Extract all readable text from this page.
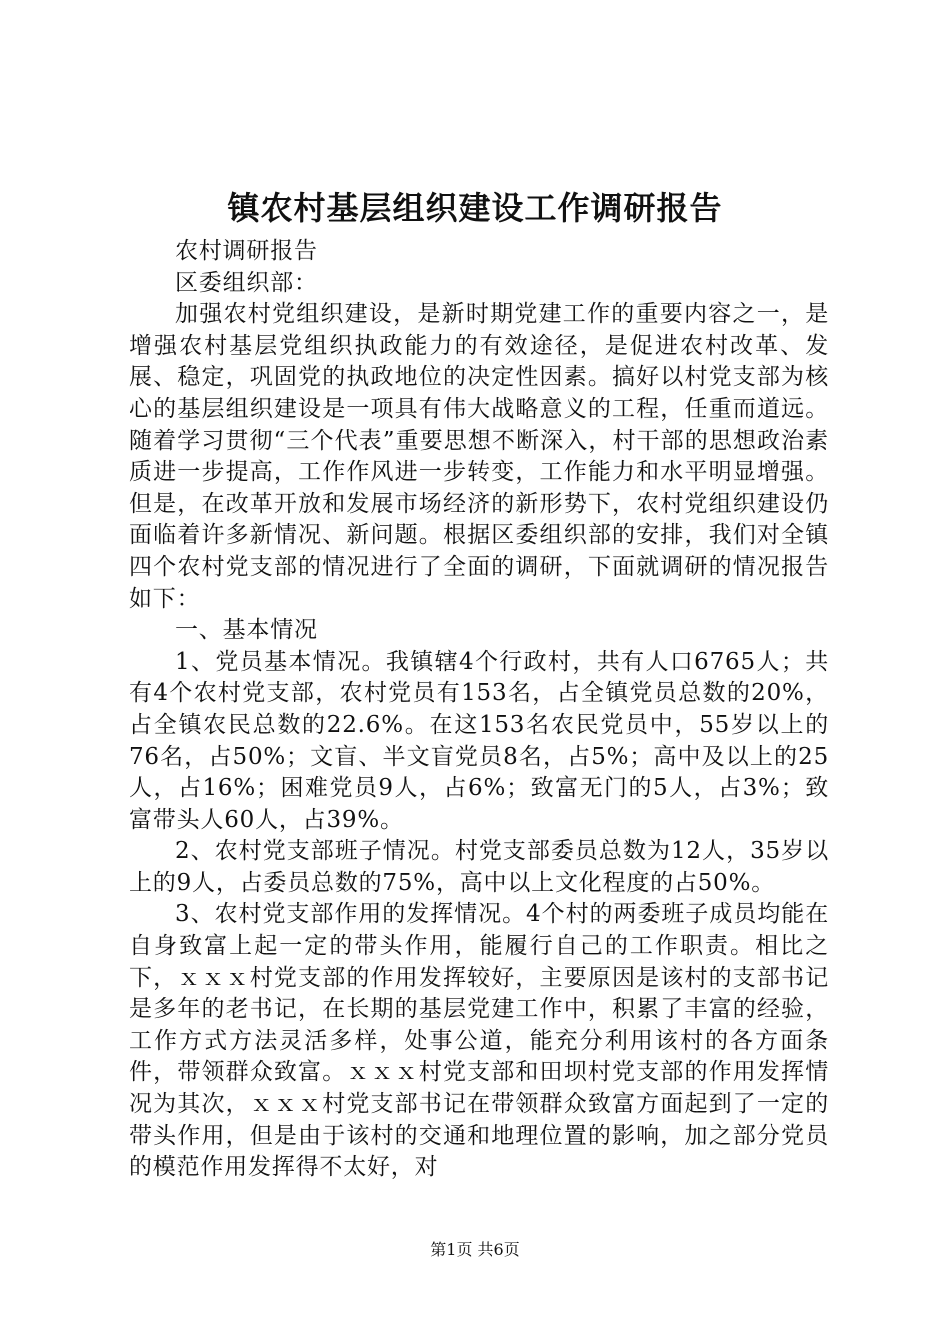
镇农村基层组织建设工作调研报告

农村调研报告

区委组织部：

加强农村党组织建设，是新时期党建工作的重要内容之一，是增强农村基层党组织执政能力的有效途径，是促进农村改革、发展、稳定，巩固党的执政地位的决定性因素。搞好以村党支部为核心的基层组织建设是一项具有伟大战略意义的工程，任重而道远。随着学习贯彻“三个代表”重要思想不断深入，村干部的思想政治素质进一步提高，工作作风进一步转变，工作能力和水平明显增强。但是，在改革开放和发展市场经济的新形势下，农村党组织建设仍面临着许多新情况、新问题。根据区委组织部的安排，我们对全镇四个农村党支部的情况进行了全面的调研，下面就调研的情况报告如下：

一、基本情况

1、党员基本情况。我镇辖4个行政村，共有人口6765人；共有4个农村党支部，农村党员有153名，占全镇党员总数的20%，占全镇农民总数的22.6%。在这153名农民党员中，55岁以上的76名，占50%；文盲、半文盲党员8名，占5%；高中及以上的25人，占16%；困难党员9人，占6%；致富无门的5人，占3%；致富带头人60人，占39%。

2、农村党支部班子情况。村党支部委员总数为12人，35岁以上的9人，占委员总数的75%，高中以上文化程度的占50%。

3、农村党支部作用的发挥情况。4个村的两委班子成员均能在自身致富上起一定的带头作用，能履行自己的工作职责。相比之下，ｘｘｘ村党支部的作用发挥较好，主要原因是该村的支部书记是多年的老书记，在长期的基层党建工作中，积累了丰富的经验，工作方式方法灵活多样，处事公道，能充分利用该村的各方面条件，带领群众致富。ｘｘｘ村党支部和田坝村党支部的作用发挥情况为其次，ｘｘｘ村党支部书记在带领群众致富方面起到了一定的带头作用，但是由于该村的交通和地理位置的影响，加之部分党员的模范作用发挥得不太好，对

第1页 共6页
